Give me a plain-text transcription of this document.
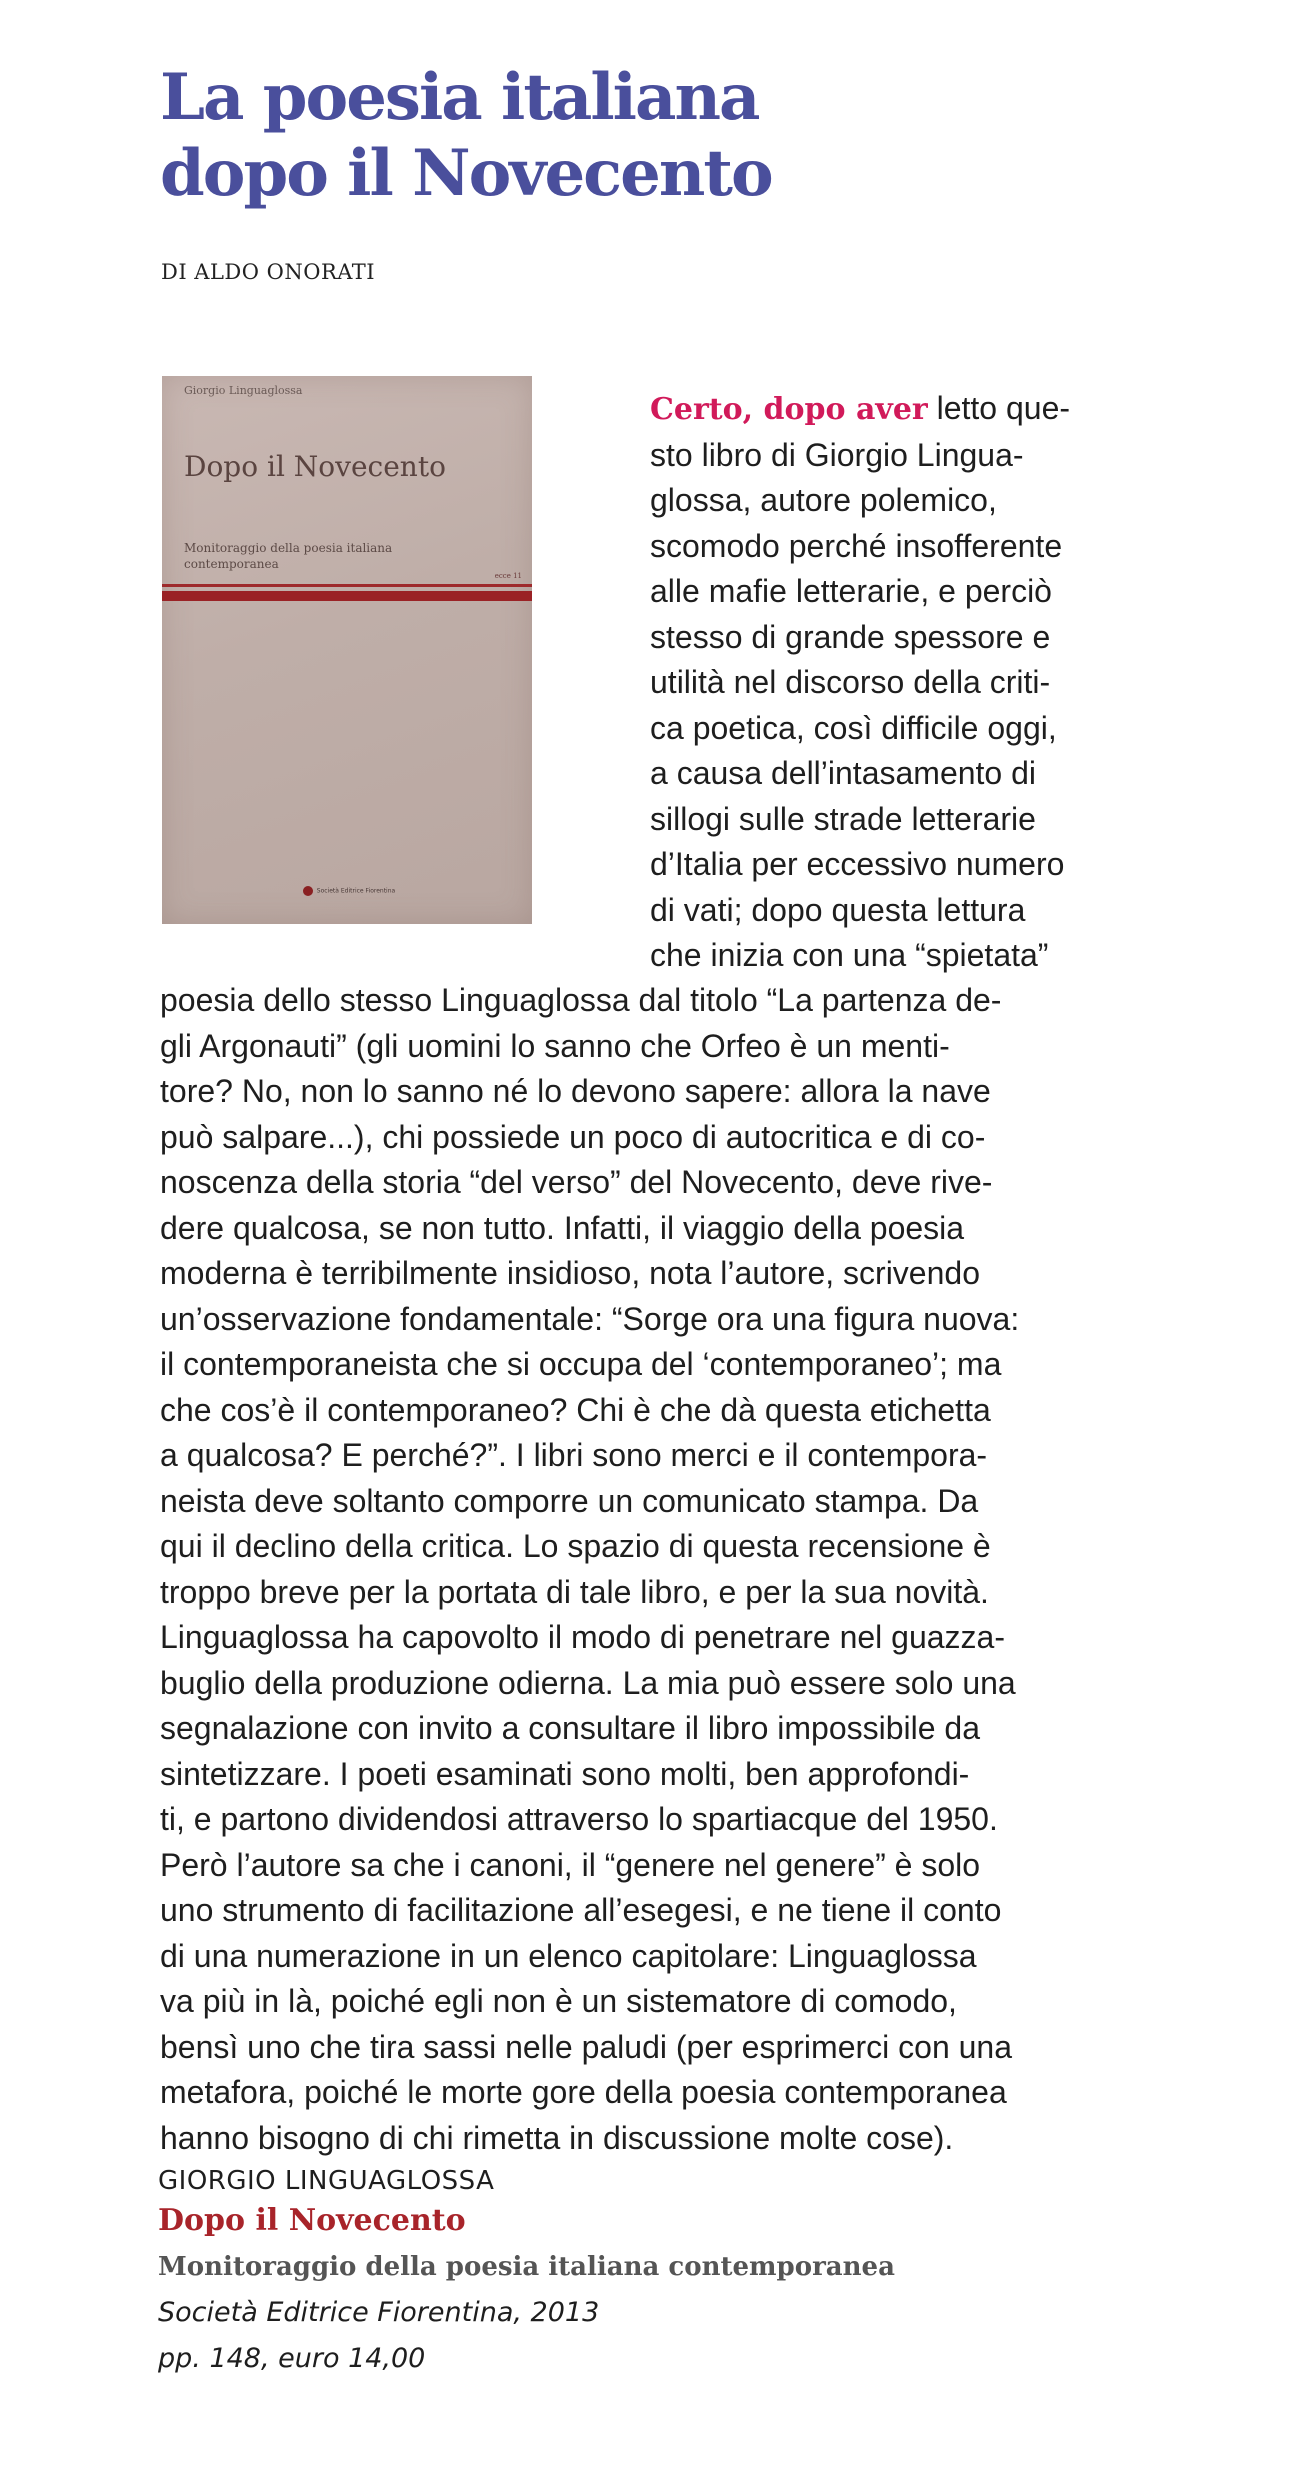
La poesia italiana
dopo il Novecento
DI ALDO ONORATI
Giorgio Linguaglossa
Dopo il Novecento
Monitoraggio della poesia italiana contemporanea
ecce 11
Società Editrice Fiorentina
Certo, dopo aver letto que-
sto libro di Giorgio Lingua-
glossa, autore polemico,
scomodo perché insofferente
alle mafie letterarie, e perciò
stesso di grande spessore e
utilità nel discorso della criti-
ca poetica, così difficile oggi,
a causa dell’intasamento di
sillogi sulle strade letterarie
d’Italia per eccessivo numero
di vati; dopo questa lettura
che inizia con una “spietata”
poesia dello stesso Linguaglossa dal titolo “La partenza de-
gli Argonauti” (gli uomini lo sanno che Orfeo è un menti-
tore? No, non lo sanno né lo devono sapere: allora la nave
può salpare...), chi possiede un poco di autocritica e di co-
noscenza della storia “del verso” del Novecento, deve rive-
dere qualcosa, se non tutto. Infatti, il viaggio della poesia
moderna è terribilmente insidioso, nota l’autore, scrivendo
un’osservazione fondamentale: “Sorge ora una figura nuova:
il contemporaneista che si occupa del ‘contemporaneo’; ma
che cos’è il contemporaneo? Chi è che dà questa etichetta
a qualcosa? E perché?”. I libri sono merci e il contempora-
neista deve soltanto comporre un comunicato stampa. Da
qui il declino della critica. Lo spazio di questa recensione è
troppo breve per la portata di tale libro, e per la sua novità.
Linguaglossa ha capovolto il modo di penetrare nel guazza-
buglio della produzione odierna. La mia può essere solo una
segnalazione con invito a consultare il libro impossibile da
sintetizzare. I poeti esaminati sono molti, ben approfondi-
ti, e partono dividendosi attraverso lo spartiacque del 1950.
Però l’autore sa che i canoni, il “genere nel genere” è solo
uno strumento di facilitazione all’esegesi, e ne tiene il conto
di una numerazione in un elenco capitolare: Linguaglossa
va più in là, poiché egli non è un sistematore di comodo,
bensì uno che tira sassi nelle paludi (per esprimerci con una
metafora, poiché le morte gore della poesia contemporanea
hanno bisogno di chi rimetta in discussione molte cose).

GIORGIO LINGUAGLOSSA

Dopo il Novecento

Monitoraggio della poesia italiana contemporanea

Società Editrice Fiorentina, 2013

pp. 148, euro 14,00
